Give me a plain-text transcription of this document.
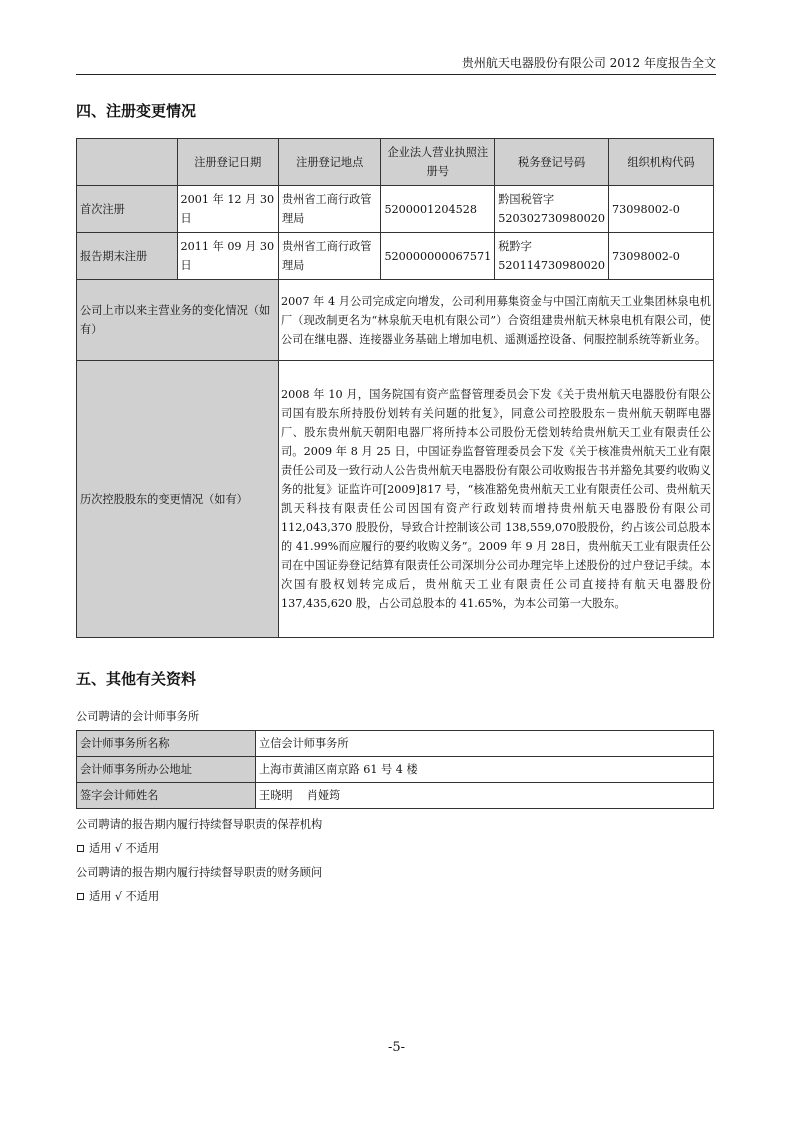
贵州航天电器股份有限公司 2012 年度报告全文
四、注册变更情况
	注册登记日期	注册登记地点	企业法人营业执照注册号	税务登记号码	组织机构代码
首次注册	2001 年 12 月 30 日	贵州省工商行政管理局	5200001204528	黔国税管字520302730980020	73098002-0
报告期末注册	2011 年 09 月 30 日	贵州省工商行政管理局	520000000067571	税黔字520114730980020	73098002-0
公司上市以来主营业务的变化情况（如有）		2007 年 4 月公司完成定向增发，公司利用募集资金与中国江南航天工业集团林泉电机厂（现改制更名为“林泉航天电机有限公司”）合资组建贵州航天林泉电机有限公司，使公司在继电器、连接器业务基础上增加电机、遥测遥控设备、伺服控制系统等新业务。			
历次控股股东的变更情况（如有）		2008 年 10 月，国务院国有资产监督管理委员会下发《关于贵州航天电器股份有限公司国有股东所持股份划转有关问题的批复》，同意公司控股股东－贵州航天朝晖电器厂、股东贵州航天朝阳电器厂将所持本公司股份无偿划转给贵州航天工业有限责任公司。2009 年 8 月 25 日，中国证券监督管理委员会下发《关于核准贵州航天工业有限责任公司及一致行动人公告贵州航天电器股份有限公司收购报告书并豁免其要约收购义务的批复》证监许可[2009]817 号，“核准豁免贵州航天工业有限责任公司、贵州航天凯天科技有限责任公司因国有资产行政划转而增持贵州航天电器股份有限公司 112,043,370 股股份，导致合计控制该公司 138,559,070股股份，约占该公司总股本的 41.99%而应履行的要约收购义务”。2009 年 9 月 28日，贵州航天工业有限责任公司在中国证券登记结算有限责任公司深圳分公司办理完毕上述股份的过户登记手续。本次国有股权划转完成后，贵州航天工业有限责任公司直接持有航天电器股份 137,435,620 股，占公司总股本的 41.65%，为本公司第一大股东。			
五、其他有关资料
公司聘请的会计师事务所
会计师事务所名称	立信会计师事务所
会计师事务所办公地址	上海市黄浦区南京路 61 号 4 楼
签字会计师姓名	王晓明    肖娅筠
公司聘请的报告期内履行持续督导职责的保荐机构
适用 √ 不适用
公司聘请的报告期内履行持续督导职责的财务顾问
适用 √ 不适用
-5-
